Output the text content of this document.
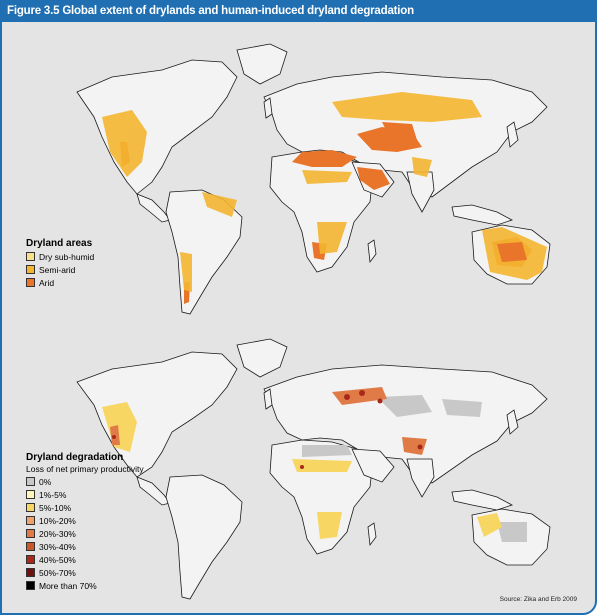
Figure 3.5 Global extent of drylands and human-induced dryland degradation
Dryland areas
Dry sub-humid
Semi-arid
Arid
Dryland degradation
Loss of net primary productivity
0%
1%-5%
5%-10%
10%-20%
20%-30%
30%-40%
40%-50%
50%-70%
More than 70%
Source: Zika and Erb 2009
